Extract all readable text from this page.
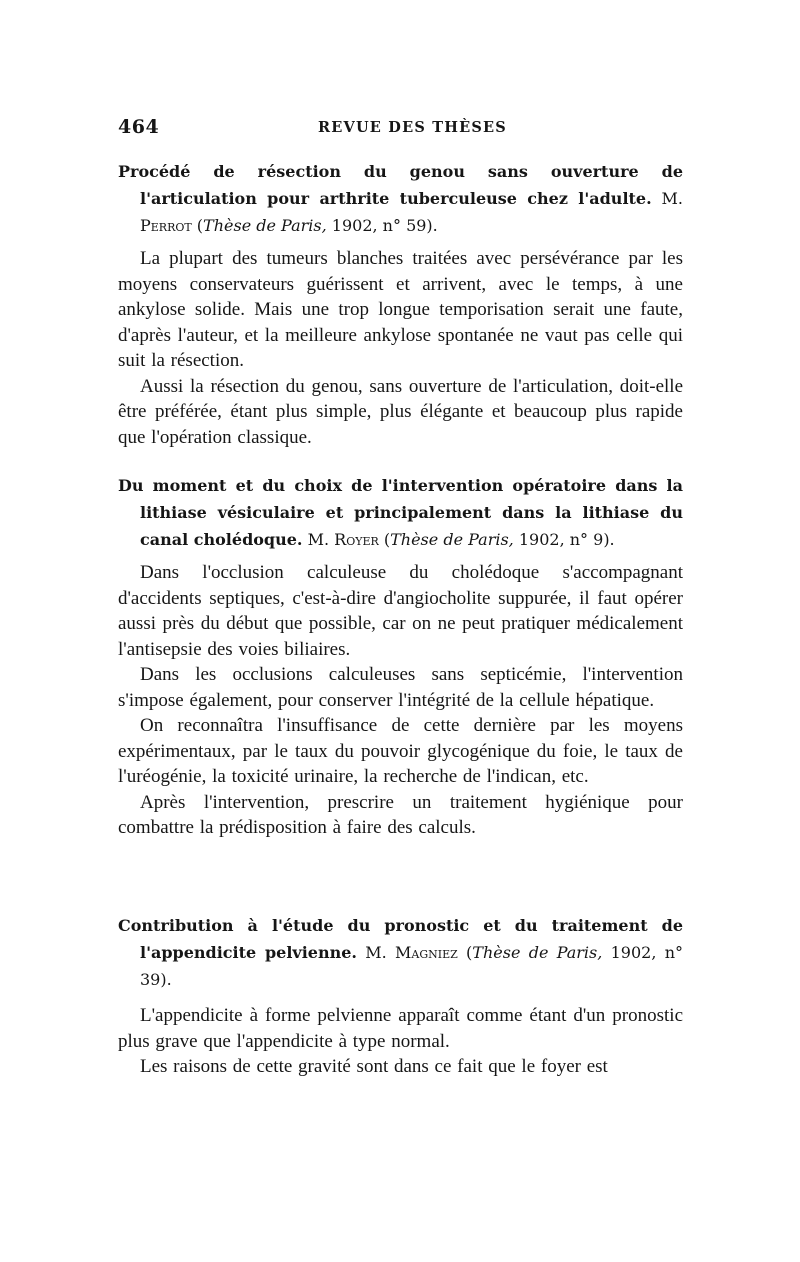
464	REVUE DES THÈSES

Procédé de résection du genou sans ouverture de l'articulation pour arthrite tuberculeuse chez l'adulte. M. Perrot (Thèse de Paris, 1902, n° 59).

La plupart des tumeurs blanches traitées avec persévérance par les moyens conservateurs guérissent et arrivent, avec le temps, à une ankylose solide. Mais une trop longue temporisation serait une faute, d'après l'auteur, et la meilleure ankylose spontanée ne vaut pas celle qui suit la résection.

Aussi la résection du genou, sans ouverture de l'articulation, doit-elle être préférée, étant plus simple, plus élégante et beaucoup plus rapide que l'opération classique.

Du moment et du choix de l'intervention opératoire dans la lithiase vésiculaire et principalement dans la lithiase du canal cholédoque. M. Royer (Thèse de Paris, 1902, n° 9).

Dans l'occlusion calculeuse du cholédoque s'accompagnant d'accidents septiques, c'est-à-dire d'angiocholite suppurée, il faut opérer aussi près du début que possible, car on ne peut pratiquer médicalement l'antisepsie des voies biliaires.

Dans les occlusions calculeuses sans septicémie, l'intervention s'impose également, pour conserver l'intégrité de la cellule hépatique.

On reconnaîtra l'insuffisance de cette dernière par les moyens expérimentaux, par le taux du pouvoir glycogénique du foie, le taux de l'uréogénie, la toxicité urinaire, la recherche de l'indican, etc.

Après l'intervention, prescrire un traitement hygiénique pour combattre la prédisposition à faire des calculs.

Contribution à l'étude du pronostic et du traitement de l'appendicite pelvienne. M. Magniez (Thèse de Paris, 1902, n° 39).

L'appendicite à forme pelvienne apparaît comme étant d'un pronostic plus grave que l'appendicite à type normal.

Les raisons de cette gravité sont dans ce fait que le foyer est
